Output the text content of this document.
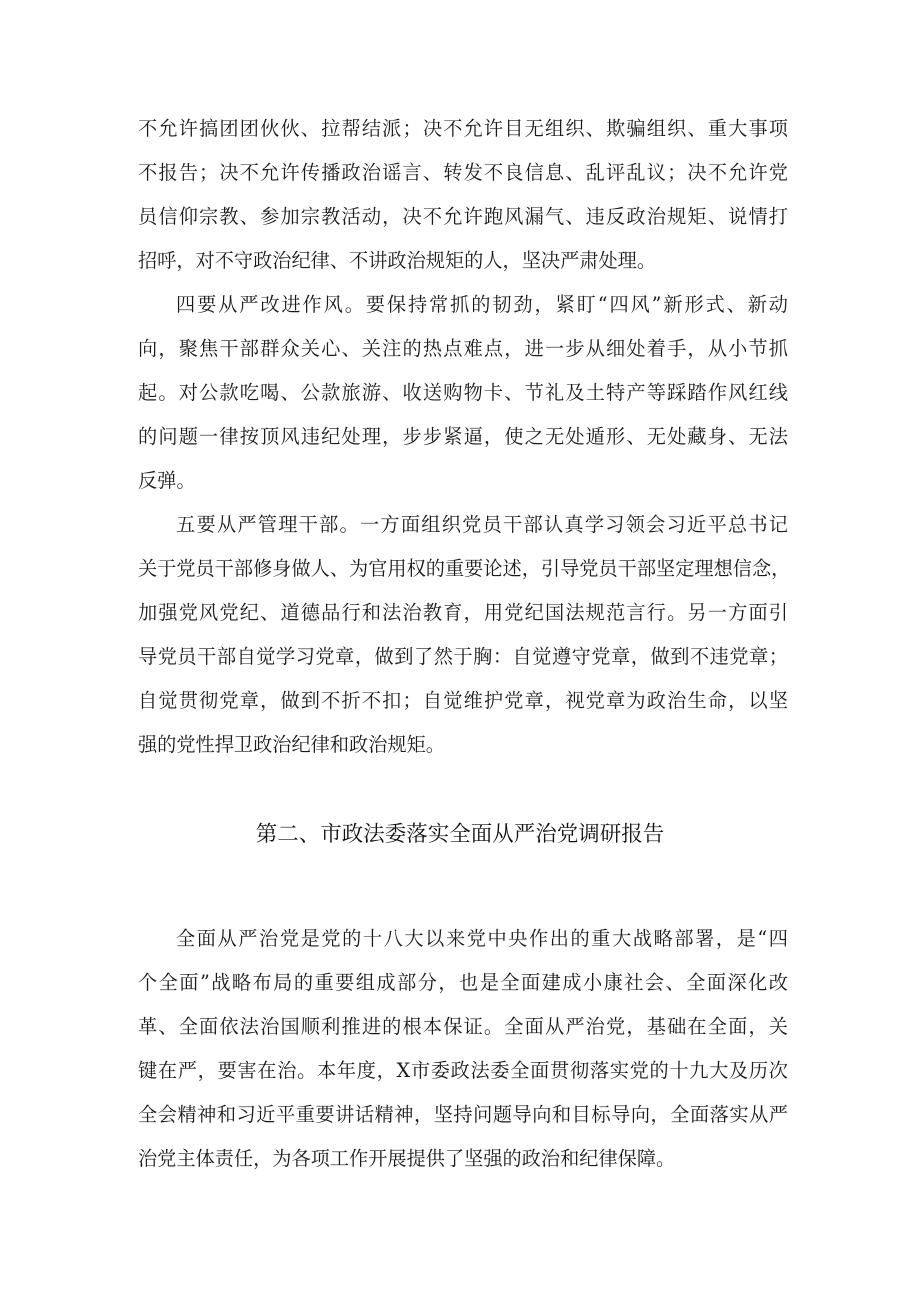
不允许搞团团伙伙、拉帮结派；决不允许目无组织、欺骗组织、重大事项
不报告；决不允许传播政治谣言、转发不良信息、乱评乱议；决不允许党
员信仰宗教、参加宗教活动，决不允许跑风漏气、违反政治规矩、说情打
招呼，对不守政治纪律、不讲政治规矩的人，坚决严肃处理。
四要从严改进作风。要保持常抓的韧劲，紧盯“四风”新形式、新动
向，聚焦干部群众关心、关注的热点难点，进一步从细处着手，从小节抓
起。对公款吃喝、公款旅游、收送购物卡、节礼及土特产等踩踏作风红线
的问题一律按顶风违纪处理，步步紧逼，使之无处遁形、无处藏身、无法
反弹。
五要从严管理干部。一方面组织党员干部认真学习领会习近平总书记
关于党员干部修身做人、为官用权的重要论述，引导党员干部坚定理想信念，
加强党风党纪、道德品行和法治教育，用党纪国法规范言行。另一方面引
导党员干部自觉学习党章，做到了然于胸：自觉遵守党章，做到不违党章；
自觉贯彻党章，做到不折不扣；自觉维护党章，视党章为政治生命，以坚
强的党性捍卫政治纪律和政治规矩。
第二、市政法委落实全面从严治党调研报告
全面从严治党是党的十八大以来党中央作出的重大战略部署，是“四
个全面”战略布局的重要组成部分，也是全面建成小康社会、全面深化改
革、全面依法治国顺利推进的根本保证。全面从严治党，基础在全面，关
键在严，要害在治。本年度，X市委政法委全面贯彻落实党的十九大及历次
全会精神和习近平重要讲话精神，坚持问题导向和目标导向，全面落实从严
治党主体责任，为各项工作开展提供了坚强的政治和纪律保障。
